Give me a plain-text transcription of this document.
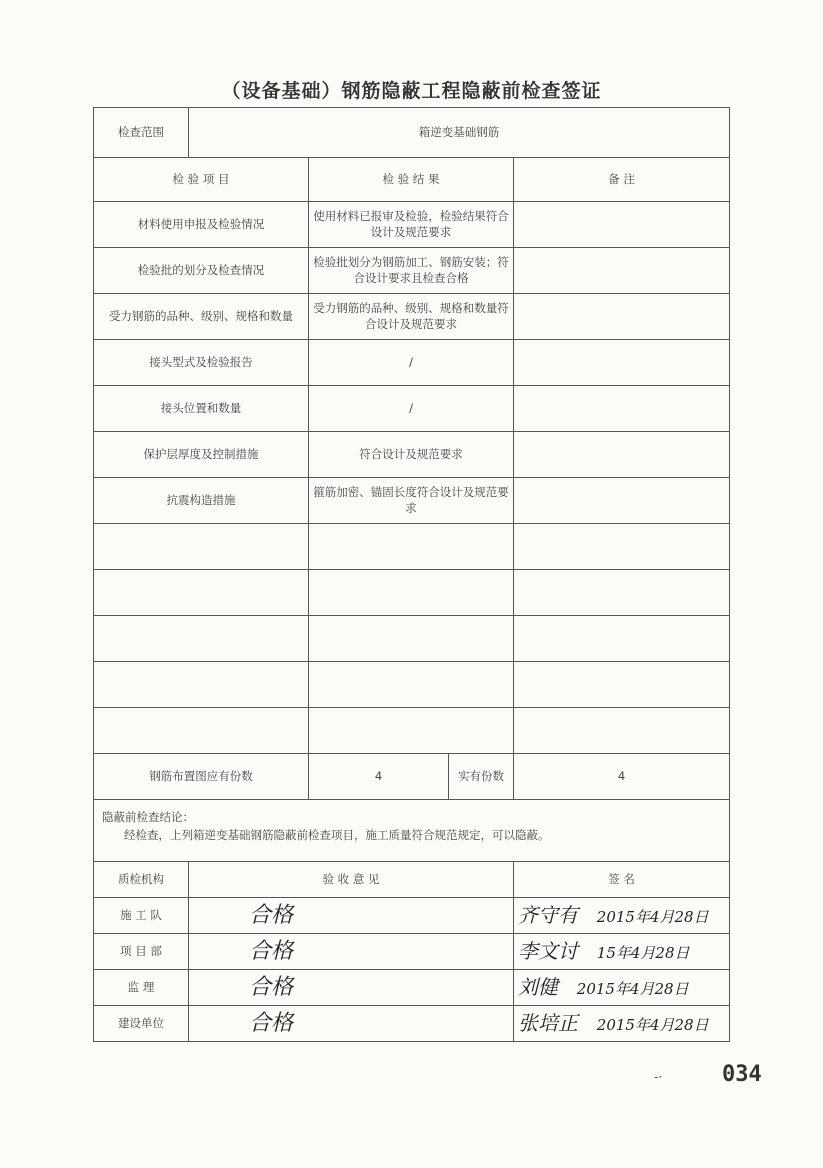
（设备基础）钢筋隐蔽工程隐蔽前检查签证
检查范围	箱逆变基础钢筋			
检 验 项 目		检 验 结 果		备 注
材料使用申报及检验情况		使用材料已报审及检验，检验结果符合设计及规范要求		
检验批的划分及检查情况		检验批划分为钢筋加工、钢筋安装；符合设计要求且检查合格		
受力钢筋的品种、级别、规格和数量		受力钢筋的品种、级别、规格和数量符合设计及规范要求		
接头型式及检验报告		/		
接头位置和数量		/		
保护层厚度及控制措施		符合设计及规范要求		
抗震构造措施		箍筋加密、锚固长度符合设计及规范要求		

钢筋布置图应有份数		4	实有份数	4

隐蔽前检查结论：
经检查，上列箱逆变基础钢筋隐蔽前检查项目，施工质量符合规范规定，可以隐蔽。				

质检机构	验 收 意 见			签 名
施 工 队	合格			齐守有 2015年4月28日
项 目 部	合格			李文讨 15年4月28日
监 理	合格			刘健 2015年4月28日
建设单位	合格			张培正 2015年4月28日
-·	034
